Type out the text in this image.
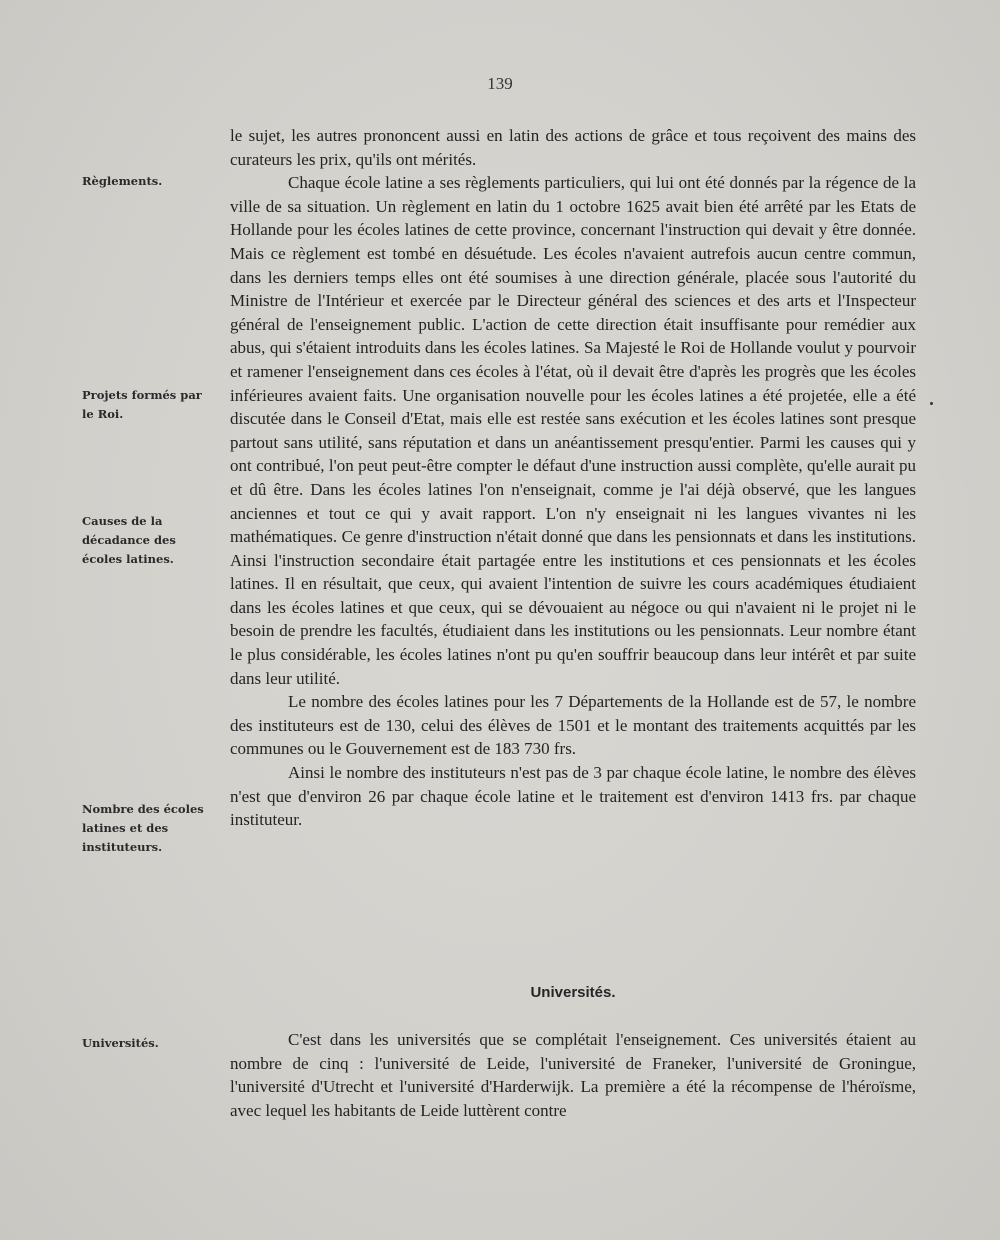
139
Règlements.
Projets formés par le Roi.
Causes de la décadance des écoles latines.
Nombre des écoles latines et des instituteurs.
Universités.

le sujet, les autres prononcent aussi en latin des actions de grâce et tous reçoivent des mains des curateurs les prix, qu'ils ont mérités.

Chaque école latine a ses règlements particuliers, qui lui ont été donnés par la régence de la ville de sa situation. Un règlement en latin du 1 octobre 1625 avait bien été arrêté par les Etats de Hollande pour les écoles latines de cette province, concernant l'instruction qui devait y être donnée. Mais ce règlement est tombé en désuétude. Les écoles n'avaient autrefois aucun centre commun, dans les derniers temps elles ont été soumises à une direction générale, placée sous l'autorité du Ministre de l'Intérieur et exercée par le Directeur général des sciences et des arts et l'Inspecteur général de l'enseignement public. L'action de cette direction était insuffisante pour remédier aux abus, qui s'étaient introduits dans les écoles latines. Sa Majesté le Roi de Hollande voulut y pourvoir et ramener l'enseignement dans ces écoles à l'état, où il devait être d'après les progrès que les écoles inférieures avaient faits. Une organisation nouvelle pour les écoles latines a été projetée, elle a été discutée dans le Conseil d'Etat, mais elle est restée sans exécution et les écoles latines sont presque partout sans utilité, sans réputation et dans un anéantissement presqu'entier. Parmi les causes qui y ont contribué, l'on peut peut-être compter le défaut d'une instruction aussi complète, qu'elle aurait pu et dû être. Dans les écoles latines l'on n'enseignait, comme je l'ai déjà observé, que les langues anciennes et tout ce qui y avait rapport. L'on n'y enseignait ni les langues vivantes ni les mathématiques. Ce genre d'instruction n'était donné que dans les pensionnats et dans les institutions. Ainsi l'instruction secondaire était partagée entre les institutions et ces pensionnats et les écoles latines. Il en résultait, que ceux, qui avaient l'intention de suivre les cours académiques étudiaient dans les écoles latines et que ceux, qui se dévouaient au négoce ou qui n'avaient ni le projet ni le besoin de prendre les facultés, étudiaient dans les institutions ou les pensionnats. Leur nombre étant le plus considérable, les écoles latines n'ont pu qu'en souffrir beaucoup dans leur intérêt et par suite dans leur utilité.

Le nombre des écoles latines pour les 7 Départements de la Hollande est de 57, le nombre des instituteurs est de 130, celui des élèves de 1501 et le montant des traitements acquittés par les communes ou le Gouvernement est de 183 730 frs.

Ainsi le nombre des instituteurs n'est pas de 3 par chaque école latine, le nombre des élèves n'est que d'environ 26 par chaque école latine et le traitement est d'environ 1413 frs. par chaque instituteur.

Universités.

C'est dans les universités que se complétait l'enseignement. Ces universités étaient au nombre de cinq : l'université de Leide, l'université de Franeker, l'université de Groningue, l'université d'Utrecht et l'université d'Harderwijk. La première a été la récompense de l'héroïsme, avec lequel les habitants de Leide luttèrent contre
